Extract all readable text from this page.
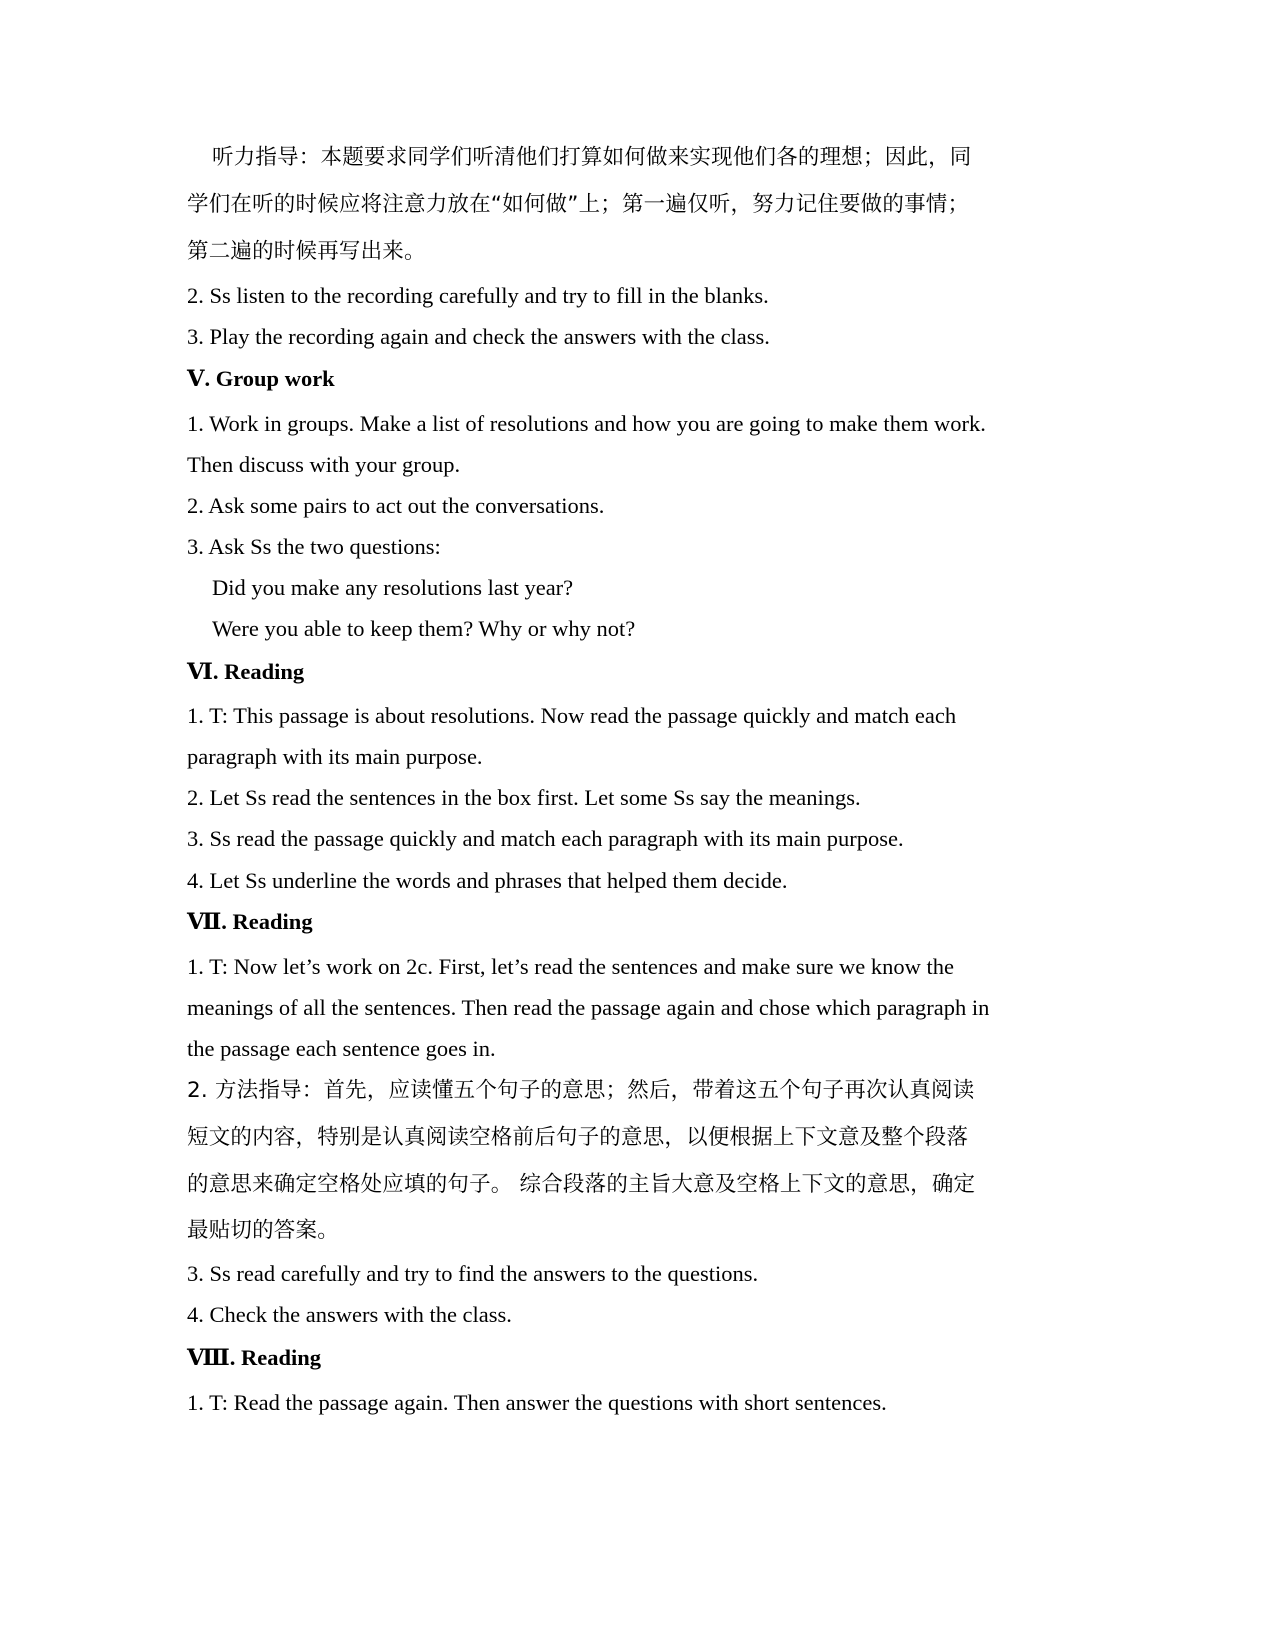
听力指导：本题要求同学们听清他们打算如何做来实现他们各的理想；因此，同
学们在听的时候应将注意力放在“如何做”上；第一遍仅听，努力记住要做的事情；
第二遍的时候再写出来。
2. Ss listen to the recording carefully and try to fill in the blanks.
3. Play the recording again and check the answers with the class.
Ⅴ. Group work
1. Work in groups. Make a list of resolutions and how you are going to make them work.
Then discuss with your group.
2. Ask some pairs to act out the conversations.
3. Ask Ss the two questions:
Did you make any resolutions last year?
Were you able to keep them? Why or why not?
Ⅵ. Reading
1. T: This passage is about resolutions. Now read the passage quickly and match each
paragraph with its main purpose.
2. Let Ss read the sentences in the box first. Let some Ss say the meanings.
3. Ss read the passage quickly and match each paragraph with its main purpose.
4. Let Ss underline the words and phrases that helped them decide.
Ⅶ. Reading
1. T: Now let’s work on 2c. First, let’s read the sentences and make sure we know the
meanings of all the sentences. Then read the passage again and chose which paragraph in
the passage each sentence goes in.
2. 方法指导：首先，应读懂五个句子的意思；然后，带着这五个句子再次认真阅读
短文的内容，特别是认真阅读空格前后句子的意思，以便根据上下文意及整个段落
的意思来确定空格处应填的句子。 综合段落的主旨大意及空格上下文的意思，确定
最贴切的答案。
3. Ss read carefully and try to find the answers to the questions.
4. Check the answers with the class.
Ⅷ. Reading
1. T: Read the passage again. Then answer the questions with short sentences.
